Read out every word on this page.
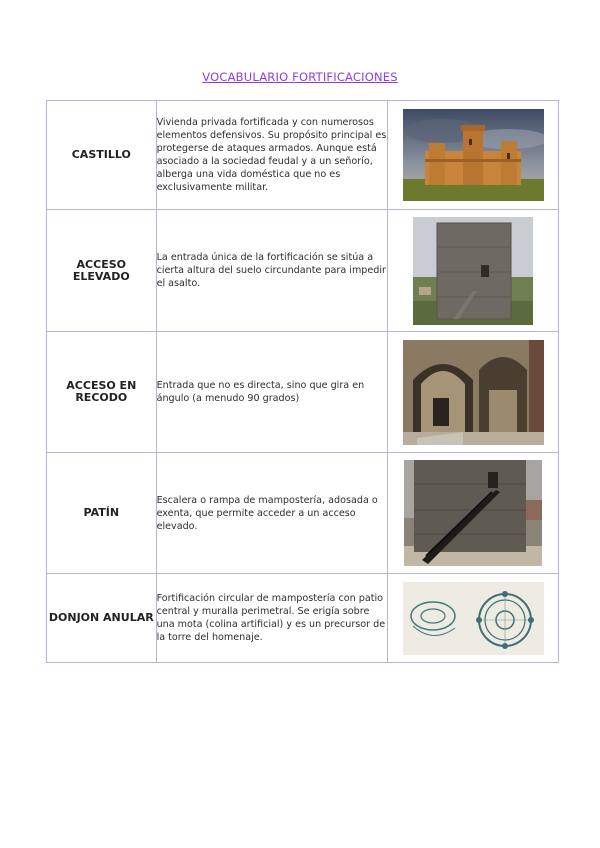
VOCABULARIO FORTIFICACIONES
CASTILLO	Vivienda privada fortificada y con numerosos elementos defensivos. Su propósito principal es protegerse de ataques armados. Aunque está asociado a la sociedad feudal y a un señorío, alberga una vida doméstica que no es exclusivamente militar.	

ACCESO ELEVADO	La entrada única de la fortificación se sitúa a cierta altura del suelo circundante para impedir el asalto.	

ACCESO EN RECODO	Entrada que no es directa, sino que gira en ángulo (a menudo 90 grados)	

PATÍN	Escalera o rampa de mampostería, adosada o exenta, que permite acceder a un acceso elevado.	

DONJON ANULAR	Fortificación circular de mampostería con patio central y muralla perimetral. Se erigía sobre una mota (colina artificial) y es un precursor de la torre del homenaje.	
